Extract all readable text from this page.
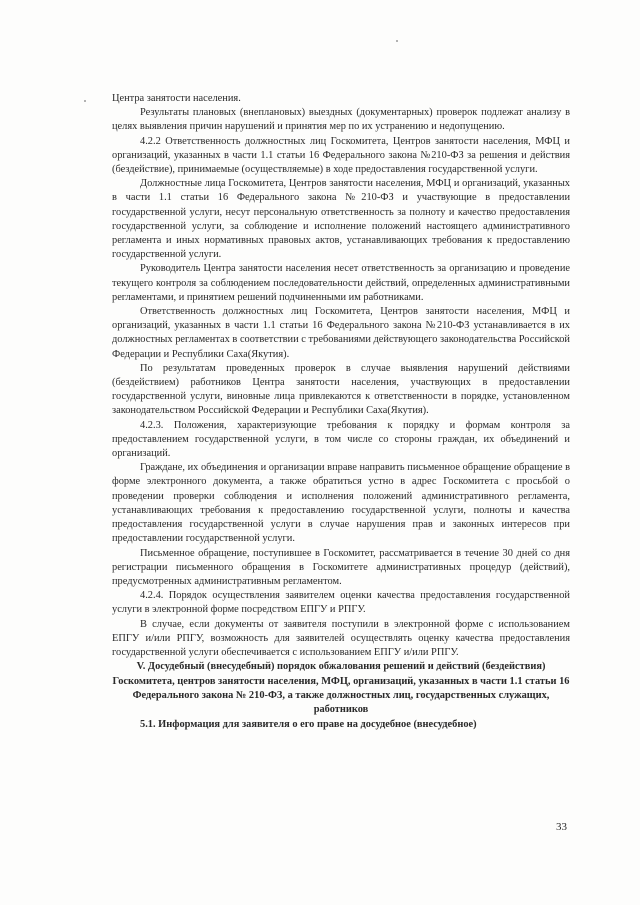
Центра занятости населения.

Результаты плановых (внеплановых) выездных (документарных) проверок подлежат анализу в целях выявления причин нарушений и принятия мер по их устранению и недопущению.

4.2.2 Ответственность должностных лиц Госкомитета, Центров занятости населения, МФЦ и организаций, указанных в части 1.1 статьи 16 Федерального закона №210-ФЗ за решения и действия (бездействие), принимаемые (осуществляемые) в ходе предоставления государственной услуги.

Должностные лица Госкомитета, Центров занятости населения, МФЦ и организаций, указанных в части 1.1 статьи 16 Федерального закона №210-ФЗ и участвующие в предоставлении государственной услуги, несут персональную ответственность за полноту и качество предоставления государственной услуги, за соблюдение и исполнение положений настоящего административного регламента и иных нормативных правовых актов, устанавливающих требования к предоставлению государственной услуги.

Руководитель Центра занятости населения несет ответственность за организацию и проведение текущего контроля за соблюдением последовательности действий, определенных административными регламентами, и принятием решений подчиненными им работниками.

Ответственность должностных лиц Госкомитета, Центров занятости населения, МФЦ и организаций, указанных в части 1.1 статьи 16 Федерального закона №210-ФЗ устанавливается в их должностных регламентах в соответствии с требованиями действующего законодательства Российской Федерации и Республики Саха(Якутия).

По результатам проведенных проверок в случае выявления нарушений действиями (бездействием) работников Центра занятости населения, участвующих в предоставлении государственной услуги, виновные лица привлекаются к ответственности в порядке, установленном законодательством Российской Федерации и Республики Саха(Якутия).

4.2.3. Положения, характеризующие требования к порядку и формам контроля за предоставлением государственной услуги, в том числе со стороны граждан, их объединений и организаций.

Граждане, их объединения и организации вправе направить письменное обращение обращение в форме электронного документа, а также обратиться устно в адрес Госкомитета с просьбой о проведении проверки соблюдения и исполнения положений административного регламента, устанавливающих требования к предоставлению государственной услуги, полноты и качества предоставления государственной услуги в случае нарушения прав и законных интересов при предоставлении государственной услуги.

Письменное обращение, поступившее в Госкомитет, рассматривается в течение 30 дней со дня регистрации письменного обращения в Госкомитете административных процедур (действий), предусмотренных административным регламентом.

4.2.4. Порядок осуществления заявителем оценки качества предоставления государственной услуги в электронной форме посредством ЕПГУ и РПГУ.

В случае, если документы от заявителя поступили в электронной форме с использованием ЕПГУ и/или РПГУ, возможность для заявителей осуществлять оценку качества предоставления государственной услуги обеспечивается с использованием ЕПГУ и/или РПГУ.

V. Досудебный (внесудебный) порядок обжалования решений и действий (бездействия) Госкомитета, центров занятости населения, МФЦ, организаций, указанных в части 1.1 статьи 16 Федерального закона № 210-ФЗ, а также должностных лиц, государственных служащих, работников

5.1. Информация для заявителя о его праве на досудебное (внесудебное)

33
